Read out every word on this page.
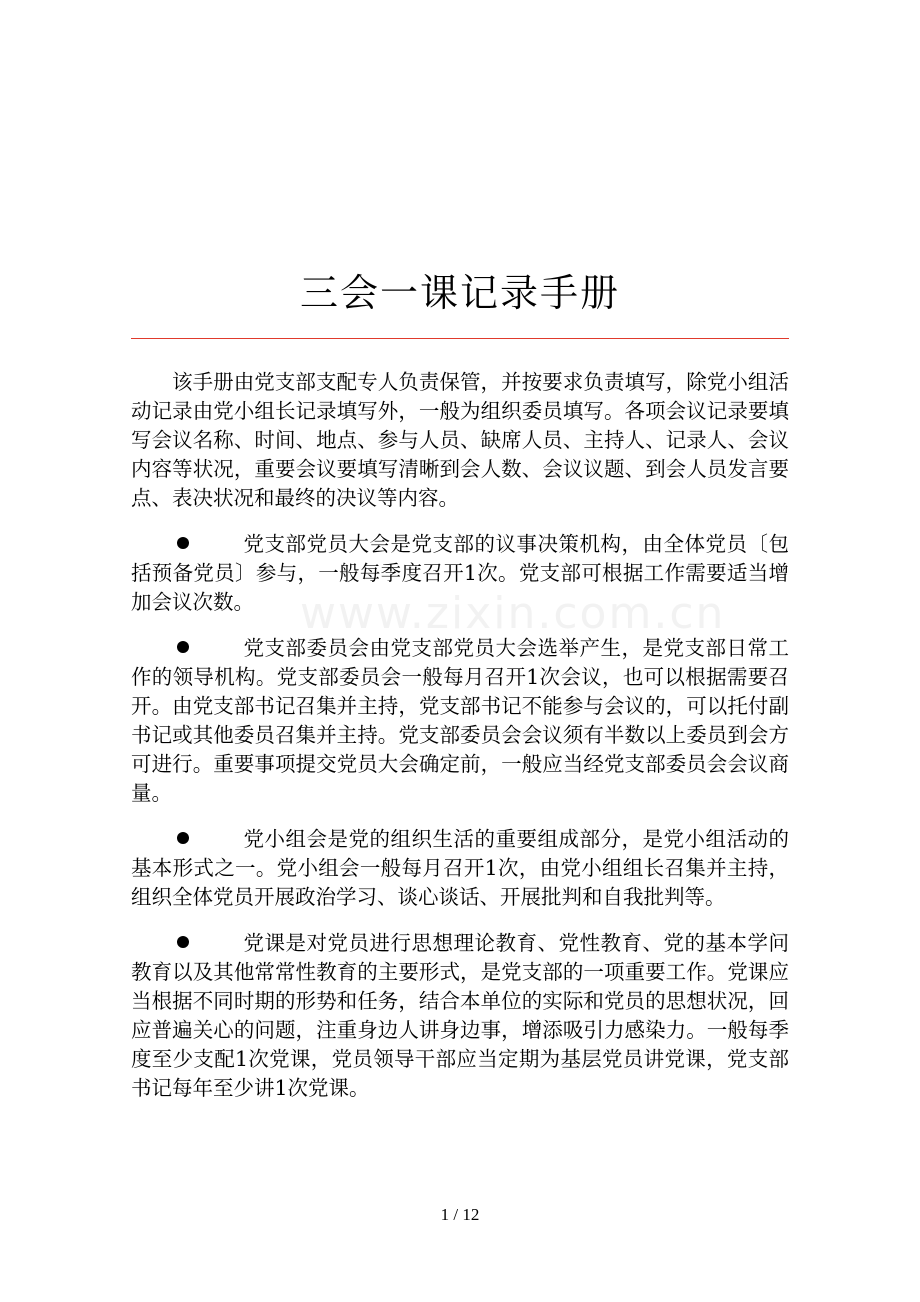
www.zixin.com.cn
三会一课记录手册

该手册由党支部支配专人负责保管，并按要求负责填写，除党小组活动记录由党小组长记录填写外，一般为组织委员填写。各项会议记录要填写会议名称、时间、地点、参与人员、缺席人员、主持人、记录人、会议内容等状况，重要会议要填写清晰到会人数、会议议题、到会人员发言要点、表决状况和最终的决议等内容。

党支部党员大会是党支部的议事决策机构，由全体党员〔包括预备党员〕参与，一般每季度召开1次。党支部可根据工作需要适当增加会议次数。

党支部委员会由党支部党员大会选举产生，是党支部日常工作的领导机构。党支部委员会一般每月召开1次会议，也可以根据需要召开。由党支部书记召集并主持，党支部书记不能参与会议的，可以托付副书记或其他委员召集并主持。党支部委员会会议须有半数以上委员到会方可进行。重要事项提交党员大会确定前，一般应当经党支部委员会会议商量。

党小组会是党的组织生活的重要组成部分，是党小组活动的基本形式之一。党小组会一般每月召开1次，由党小组组长召集并主持，组织全体党员开展政治学习、谈心谈话、开展批判和自我批判等。

党课是对党员进行思想理论教育、党性教育、党的基本学问教育以及其他常常性教育的主要形式，是党支部的一项重要工作。党课应当根据不同时期的形势和任务，结合本单位的实际和党员的思想状况，回应普遍关心的问题，注重身边人讲身边事，增添吸引力感染力。一般每季度至少支配1次党课，党员领导干部应当定期为基层党员讲党课，党支部书记每年至少讲1次党课。

1 / 12
